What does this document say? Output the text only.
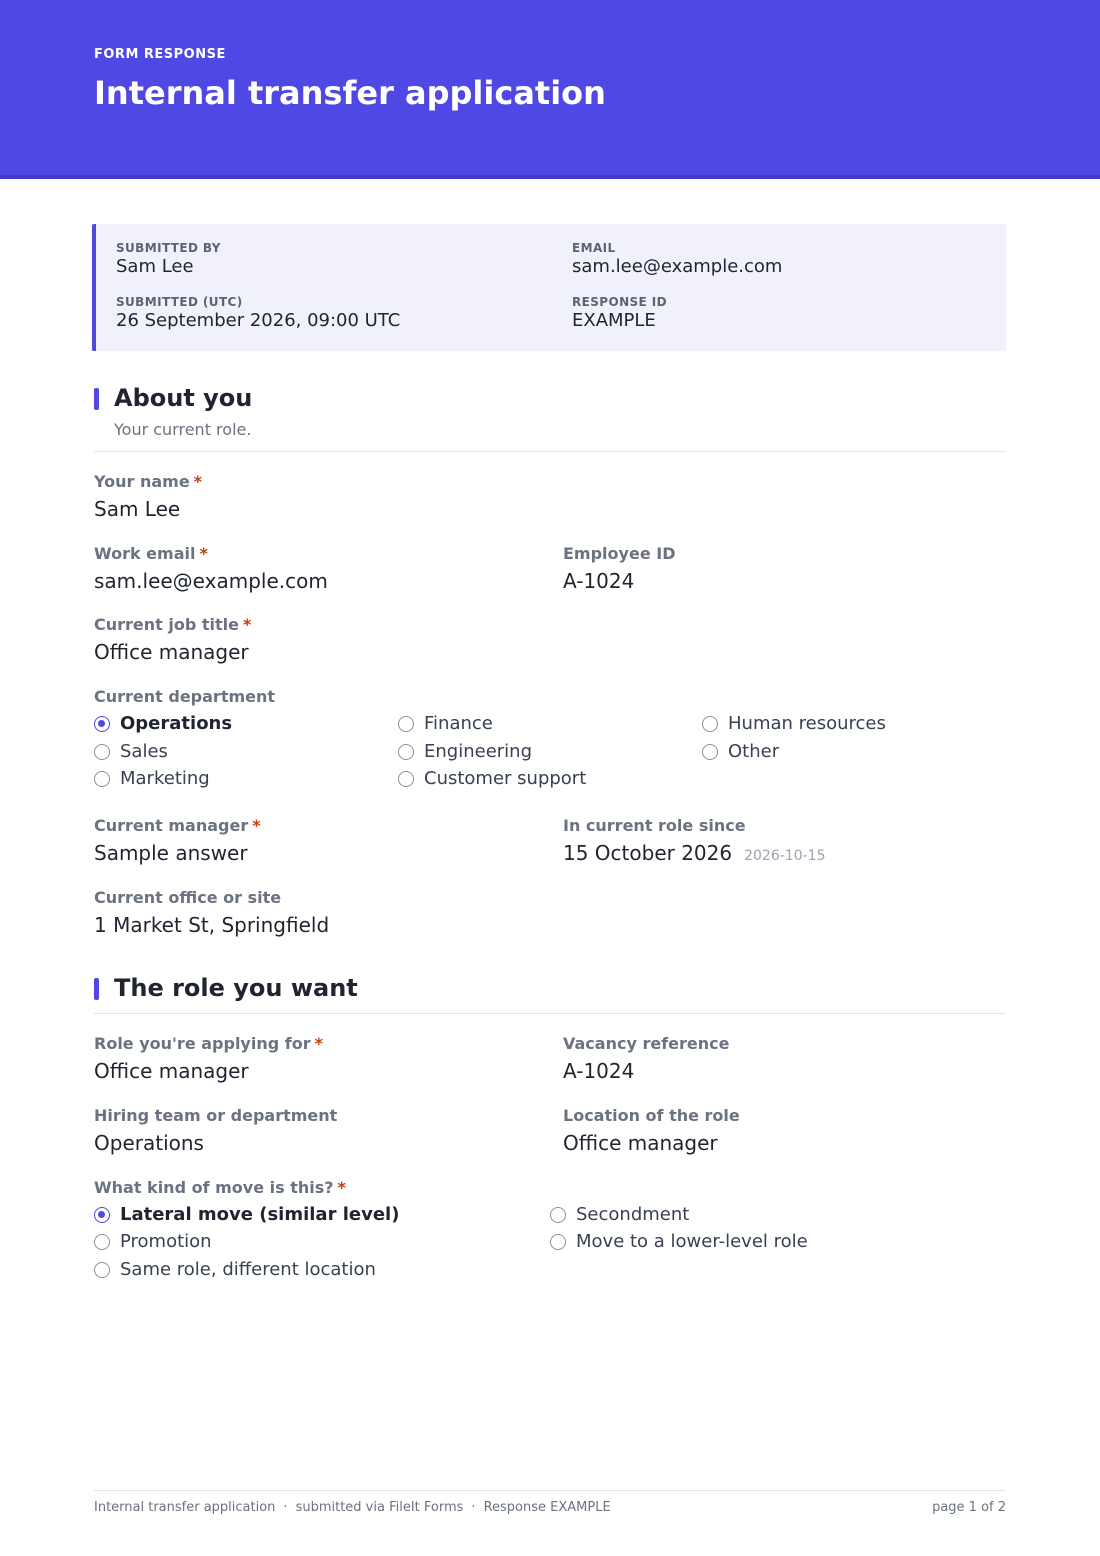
FORM RESPONSE
Internal transfer application
SUBMITTED BY
Sam Lee
EMAIL
sam.lee@example.com
SUBMITTED (UTC)
26 September 2026, 09:00 UTC
RESPONSE ID
EXAMPLE
About you
Your current role.
Your name *
Sam Lee
Work email *
sam.lee@example.com
Employee ID
A-1024
Current job title *
Office manager
Current department
Operations
Sales
Marketing
Finance
Engineering
Customer support
Human resources
Other
Current manager *
Sample answer
In current role since
15 October 2026 2026-10-15
Current office or site
1 Market St, Springfield
The role you want
Role you're applying for *
Office manager
Vacancy reference
A-1024
Hiring team or department
Operations
Location of the role
Office manager
What kind of move is this? *
Lateral move (similar level)
Promotion
Same role, different location
Secondment
Move to a lower-level role
Internal transfer application · submitted via FileIt Forms · Response EXAMPLE	page 1 of 2
